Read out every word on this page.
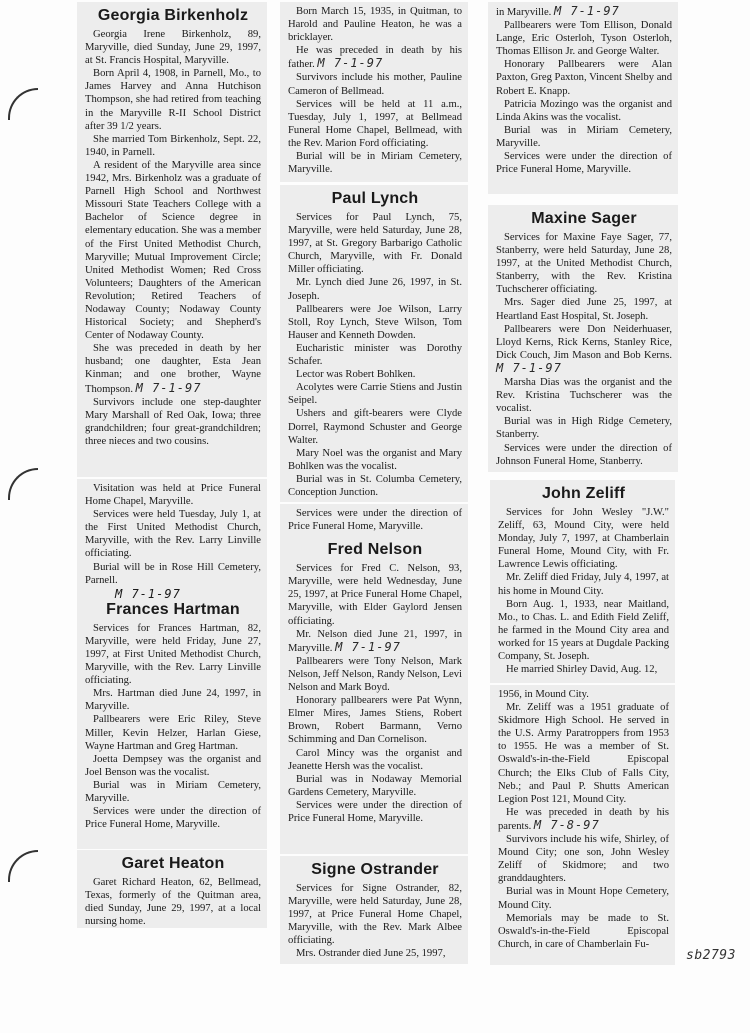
Georgia Birkenholz

Georgia Irene Birkenholz, 89, Maryville, died Sunday, June 29, 1997, at St. Francis Hospital, Maryville.

Born April 4, 1908, in Parnell, Mo., to James Harvey and Anna Hutchison Thompson, she had retired from teaching in the Maryville R-II School District after 39 1/2 years.

She married Tom Birkenholz, Sept. 22, 1940, in Parnell.

A resident of the Maryville area since 1942, Mrs. Birkenholz was a graduate of Parnell High School and Northwest Missouri State Teachers College with a Bachelor of Science degree in elementary education. She was a member of the First United Methodist Church, Maryville; Mutual Improvement Circle; United Methodist Women; Red Cross Volunteers; Daughters of the American Revolution; Retired Teachers of Nodaway County; Nodaway County Historical Society; and Shepherd's Center of Nodaway County.

She was preceded in death by her husband; one daughter, Esta Jean Kinman; and one brother, Wayne Thompson. M 7-1-97

Survivors include one step-daughter Mary Marshall of Red Oak, Iowa; three grandchildren; four great-grandchildren; three nieces and two cousins.

Visitation was held at Price Funeral Home Chapel, Maryville.

Services were held Tuesday, July 1, at the First United Methodist Church, Maryville, with the Rev. Larry Linville officiating.

Burial will be in Rose Hill Cemetery, Parnell.

M 7-1-97
Frances Hartman

Services for Frances Hartman, 82, Maryville, were held Friday, June 27, 1997, at First United Methodist Church, Maryville, with the Rev. Larry Linville officiating.

Mrs. Hartman died June 24, 1997, in Maryville.

Pallbearers were Eric Riley, Steve Miller, Kevin Helzer, Harlan Giese, Wayne Hartman and Greg Hartman.

Joetta Dempsey was the organist and Joel Benson was the vocalist.

Burial was in Miriam Cemetery, Maryville.

Services were under the direction of Price Funeral Home, Maryville.

Garet Heaton

Garet Richard Heaton, 62, Bellmead, Texas, formerly of the Quitman area, died Sunday, June 29, 1997, at a local nursing home.

Born March 15, 1935, in Quitman, to Harold and Pauline Heaton, he was a bricklayer.

He was preceded in death by his father. M 7-1-97

Survivors include his mother, Pauline Cameron of Bellmead.

Services will be held at 11 a.m., Tuesday, July 1, 1997, at Bellmead Funeral Home Chapel, Bellmead, with the Rev. Marion Ford officiating.

Burial will be in Miriam Cemetery, Maryville.

Paul Lynch

Services for Paul Lynch, 75, Maryville, were held Saturday, June 28, 1997, at St. Gregory Barbarigo Catholic Church, Maryville, with Fr. Donald Miller officiating.

Mr. Lynch died June 26, 1997, in St. Joseph.

Pallbearers were Joe Wilson, Larry Stoll, Roy Lynch, Steve Wilson, Tom Hauser and Kenneth Dowden.

Eucharistic minister was Dorothy Schafer.

Lector was Robert Bohlken.

Acolytes were Carrie Stiens and Justin Seipel.

Ushers and gift-bearers were Clyde Dorrel, Raymond Schuster and George Walter.

Mary Noel was the organist and Mary Bohlken was the vocalist.

Burial was in St. Columba Cemetery, Conception Junction.

Services were under the direction of Price Funeral Home, Maryville.

Fred Nelson

Services for Fred C. Nelson, 93, Maryville, were held Wednesday, June 25, 1997, at Price Funeral Home Chapel, Maryville, with Elder Gaylord Jensen officiating.

Mr. Nelson died June 21, 1997, in Maryville. M 7-1-97

Pallbearers were Tony Nelson, Mark Nelson, Jeff Nelson, Randy Nelson, Levi Nelson and Mark Boyd.

Honorary pallbearers were Pat Wynn, Elmer Mires, James Stiens, Robert Brown, Robert Barmann, Verno Schimming and Dan Cornelison.

Carol Mincy was the organist and Jeanette Hersh was the vocalist.

Burial was in Nodaway Memorial Gardens Cemetery, Maryville.

Services were under the direction of Price Funeral Home, Maryville.

Signe Ostrander

Services for Signe Ostrander, 82, Maryville, were held Saturday, June 28, 1997, at Price Funeral Home Chapel, Maryville, with the Rev. Mark Albee officiating.

Mrs. Ostrander died June 25, 1997,

in Maryville. M 7-1-97

Pallbearers were Tom Ellison, Donald Lange, Eric Osterloh, Tyson Osterloh, Thomas Ellison Jr. and George Walter.

Honorary Pallbearers were Alan Paxton, Greg Paxton, Vincent Shelby and Robert E. Knapp.

Patricia Mozingo was the organist and Linda Akins was the vocalist.

Burial was in Miriam Cemetery, Maryville.

Services were under the direction of Price Funeral Home, Maryville.

Maxine Sager

Services for Maxine Faye Sager, 77, Stanberry, were held Saturday, June 28, 1997, at the United Methodist Church, Stanberry, with the Rev. Kristina Tuchscherer officiating.

Mrs. Sager died June 25, 1997, at Heartland East Hospital, St. Joseph.

Pallbearers were Don Neiderhuaser, Lloyd Kerns, Rick Kerns, Stanley Rice, Dick Couch, Jim Mason and Bob Kerns. M 7-1-97

Marsha Dias was the organist and the Rev. Kristina Tuchscherer was the vocalist.

Burial was in High Ridge Cemetery, Stanberry.

Services were under the direction of Johnson Funeral Home, Stanberry.

John Zeliff

Services for John Wesley "J.W." Zeliff, 63, Mound City, were held Monday, July 7, 1997, at Chamberlain Funeral Home, Mound City, with Fr. Lawrence Lewis officiating.

Mr. Zeliff died Friday, July 4, 1997, at his home in Mound City.

Born Aug. 1, 1933, near Maitland, Mo., to Chas. L. and Edith Field Zeliff, he farmed in the Mound City area and worked for 15 years at Dugdale Packing Company, St. Joseph.

He married Shirley David, Aug. 12,

1956, in Mound City.

Mr. Zeliff was a 1951 graduate of Skidmore High School. He served in the U.S. Army Paratroppers from 1953 to 1955. He was a member of St. Oswald's-in-the-Field Episcopal Church; the Elks Club of Falls City, Neb.; and Paul P. Shutts American Legion Post 121, Mound City.

He was preceded in death by his parents. M 7-8-97

Survivors include his wife, Shirley, of Mound City; one son, John Wesley Zeliff of Skidmore; and two granddaughters.

Burial was in Mount Hope Cemetery, Mound City.

Memorials may be made to St. Oswald's-in-the-Field Episcopal Church, in care of Chamberlain Fu-

sb2793
